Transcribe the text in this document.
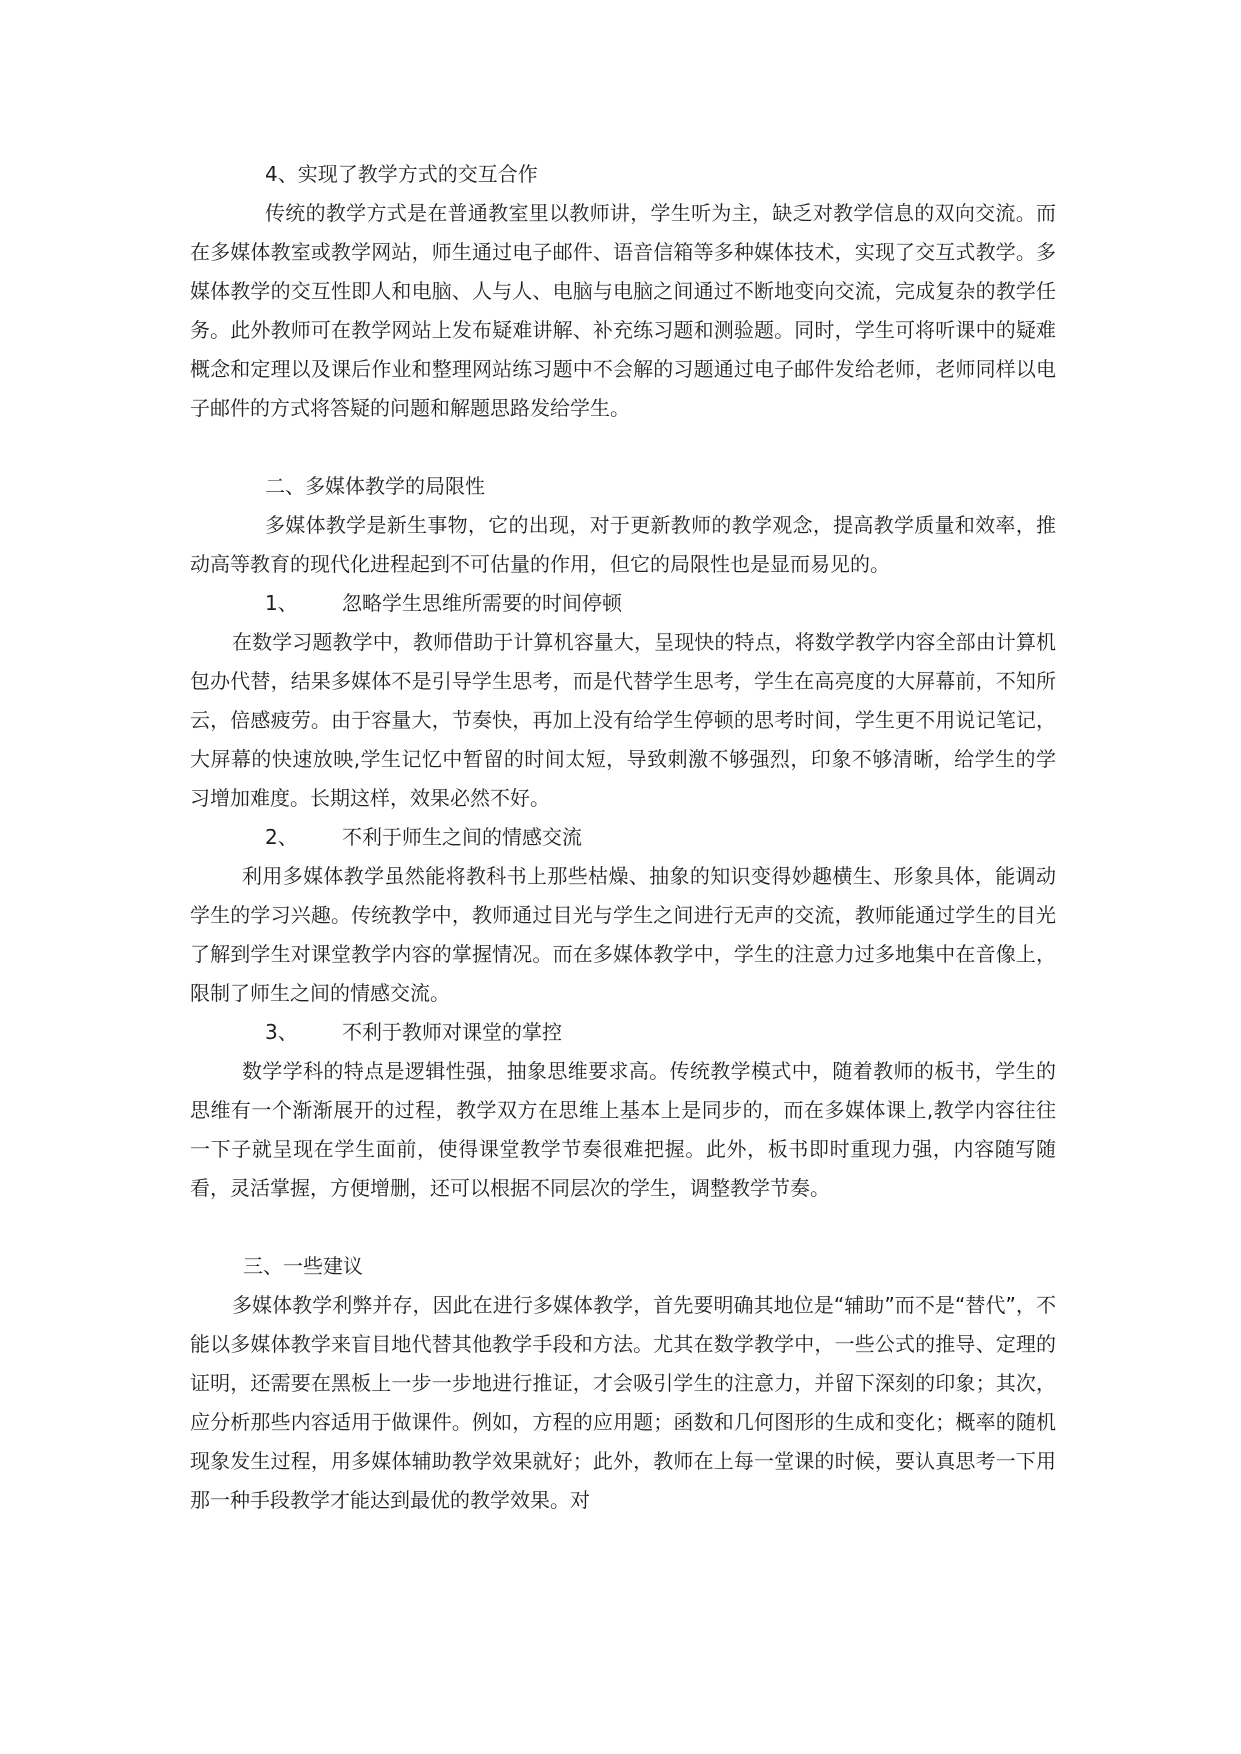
4、实现了教学方式的交互合作

传统的教学方式是在普通教室里以教师讲，学生听为主，缺乏对教学信息的双向交流。而在多媒体教室或教学网站，师生通过电子邮件、语音信箱等多种媒体技术，实现了交互式教学。多媒体教学的交互性即人和电脑、人与人、电脑与电脑之间通过不断地变向交流，完成复杂的教学任务。此外教师可在教学网站上发布疑难讲解、补充练习题和测验题。同时，学生可将听课中的疑难概念和定理以及课后作业和整理网站练习题中不会解的习题通过电子邮件发给老师，老师同样以电子邮件的方式将答疑的问题和解题思路发给学生。

二、多媒体教学的局限性

多媒体教学是新生事物，它的出现，对于更新教师的教学观念，提高教学质量和效率，推动高等教育的现代化进程起到不可估量的作用，但它的局限性也是显而易见的。

1、	忽略学生思维所需要的时间停顿

在数学习题教学中，教师借助于计算机容量大，呈现快的特点，将数学教学内容全部由计算机包办代替，结果多媒体不是引导学生思考，而是代替学生思考，学生在高亮度的大屏幕前，不知所云，倍感疲劳。由于容量大，节奏快，再加上没有给学生停顿的思考时间，学生更不用说记笔记，大屏幕的快速放映,学生记忆中暂留的时间太短，导致刺激不够强烈，印象不够清晰，给学生的学习增加难度。长期这样，效果必然不好。

2、	不利于师生之间的情感交流

利用多媒体教学虽然能将教科书上那些枯燥、抽象的知识变得妙趣横生、形象具体，能调动学生的学习兴趣。传统教学中，教师通过目光与学生之间进行无声的交流，教师能通过学生的目光了解到学生对课堂教学内容的掌握情况。而在多媒体教学中，学生的注意力过多地集中在音像上，限制了师生之间的情感交流。

3、	不利于教师对课堂的掌控

数学学科的特点是逻辑性强，抽象思维要求高。传统教学模式中，随着教师的板书，学生的思维有一个渐渐展开的过程，教学双方在思维上基本上是同步的，而在多媒体课上,教学内容往往一下子就呈现在学生面前，使得课堂教学节奏很难把握。此外，板书即时重现力强，内容随写随看，灵活掌握，方便增删，还可以根据不同层次的学生，调整教学节奏。

三、一些建议

多媒体教学利弊并存，因此在进行多媒体教学，首先要明确其地位是“辅助”而不是“替代”，不能以多媒体教学来盲目地代替其他教学手段和方法。尤其在数学教学中，一些公式的推导、定理的证明，还需要在黑板上一步一步地进行推证，才会吸引学生的注意力，并留下深刻的印象；其次，应分析那些内容适用于做课件。例如，方程的应用题；函数和几何图形的生成和变化；概率的随机现象发生过程，用多媒体辅助教学效果就好；此外，教师在上每一堂课的时候，要认真思考一下用那一种手段教学才能达到最优的教学效果。对
